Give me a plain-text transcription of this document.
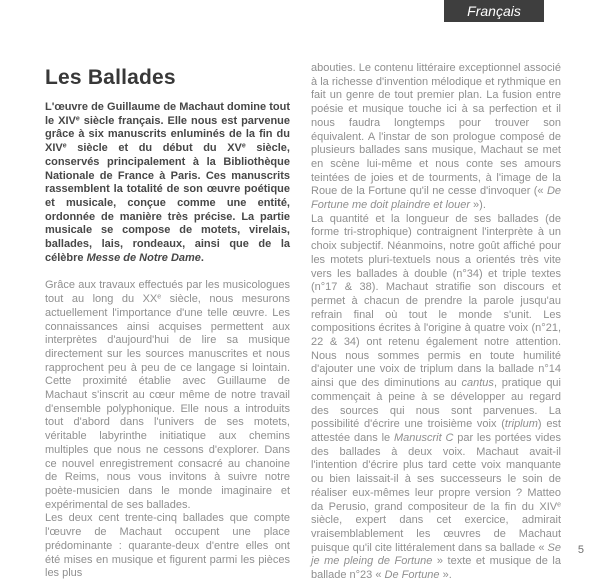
Français
Les Ballades

L'œuvre de Guillaume de Machaut domine tout le XIVe siècle français. Elle nous est parvenue grâce à six manuscrits enluminés de la fin du XIVe siècle et du début du XVe siècle, conservés principalement à la Bibliothèque Nationale de France à Paris. Ces manuscrits rassemblent la totalité de son œuvre poétique et musicale, conçue comme une entité, ordonnée de manière très précise. La partie musicale se compose de motets, virelais, ballades, lais, rondeaux, ainsi que de la célèbre Messe de Notre Dame.

Grâce aux travaux effectués par les musicologues tout au long du XXe siècle, nous mesurons actuellement l'importance d'une telle œuvre. Les connaissances ainsi acquises permettent aux interprètes d'aujourd'hui de lire sa musique directement sur les sources manuscrites et nous rapprochent peu à peu de ce langage si lointain. Cette proximité établie avec Guillaume de Machaut s'inscrit au cœur même de notre travail d'ensemble polyphonique. Elle nous a introduits tout d'abord dans l'univers de ses motets, véritable labyrinthe initiatique aux chemins multiples que nous ne cessons d'explorer. Dans ce nouvel enregistrement consacré au chanoine de Reims, nous vous invitons à suivre notre poète-musicien dans le monde imaginaire et expérimental de ses ballades.

Les deux cent trente-cinq ballades que compte l'œuvre de Machaut occupent une place prédominante : quarante-deux d'entre elles ont été mises en musique et figurent parmi les pièces les plus

abouties. Le contenu littéraire exceptionnel associé à la richesse d'invention mélodique et rythmique en fait un genre de tout premier plan. La fusion entre poésie et musique touche ici à sa perfection et il nous faudra longtemps pour trouver son équivalent. A l'instar de son prologue composé de plusieurs ballades sans musique, Machaut se met en scène lui-même et nous conte ses amours teintées de joies et de tourments, à l'image de la Roue de la Fortune qu'il ne cesse d'invoquer (« De Fortune me doit plaindre et louer »).

La quantité et la longueur de ses ballades (de forme tri-strophique) contraignent l'interprète à un choix subjectif. Néanmoins, notre goût affiché pour les motets pluri-textuels nous a orientés très vite vers les ballades à double (n°34) et triple textes (n°17 & 38). Machaut stratifie son discours et permet à chacun de prendre la parole jusqu'au refrain final où tout le monde s'unit. Les compositions écrites à l'origine à quatre voix (n°21, 22 & 34) ont retenu également notre attention. Nous nous sommes permis en toute humilité d'ajouter une voix de triplum dans la ballade n°14 ainsi que des diminutions au cantus, pratique qui commençait à peine à se développer au regard des sources qui nous sont parvenues. La possibilité d'écrire une troisième voix (triplum) est attestée dans le Manuscrit C par les portées vides des ballades à deux voix. Machaut avait-il l'intention d'écrire plus tard cette voix manquante ou bien laissait-il à ses successeurs le soin de réaliser eux-mêmes leur propre version ? Matteo da Perusio, grand compositeur de la fin du XIVe siècle, expert dans cet exercice, admirait vraisemblablement les œuvres de Machaut puisque qu'il cite littéralement dans sa ballade « Se je me pleing de Fortune » texte et musique de la ballade n°23 « De Fortune ».

5
